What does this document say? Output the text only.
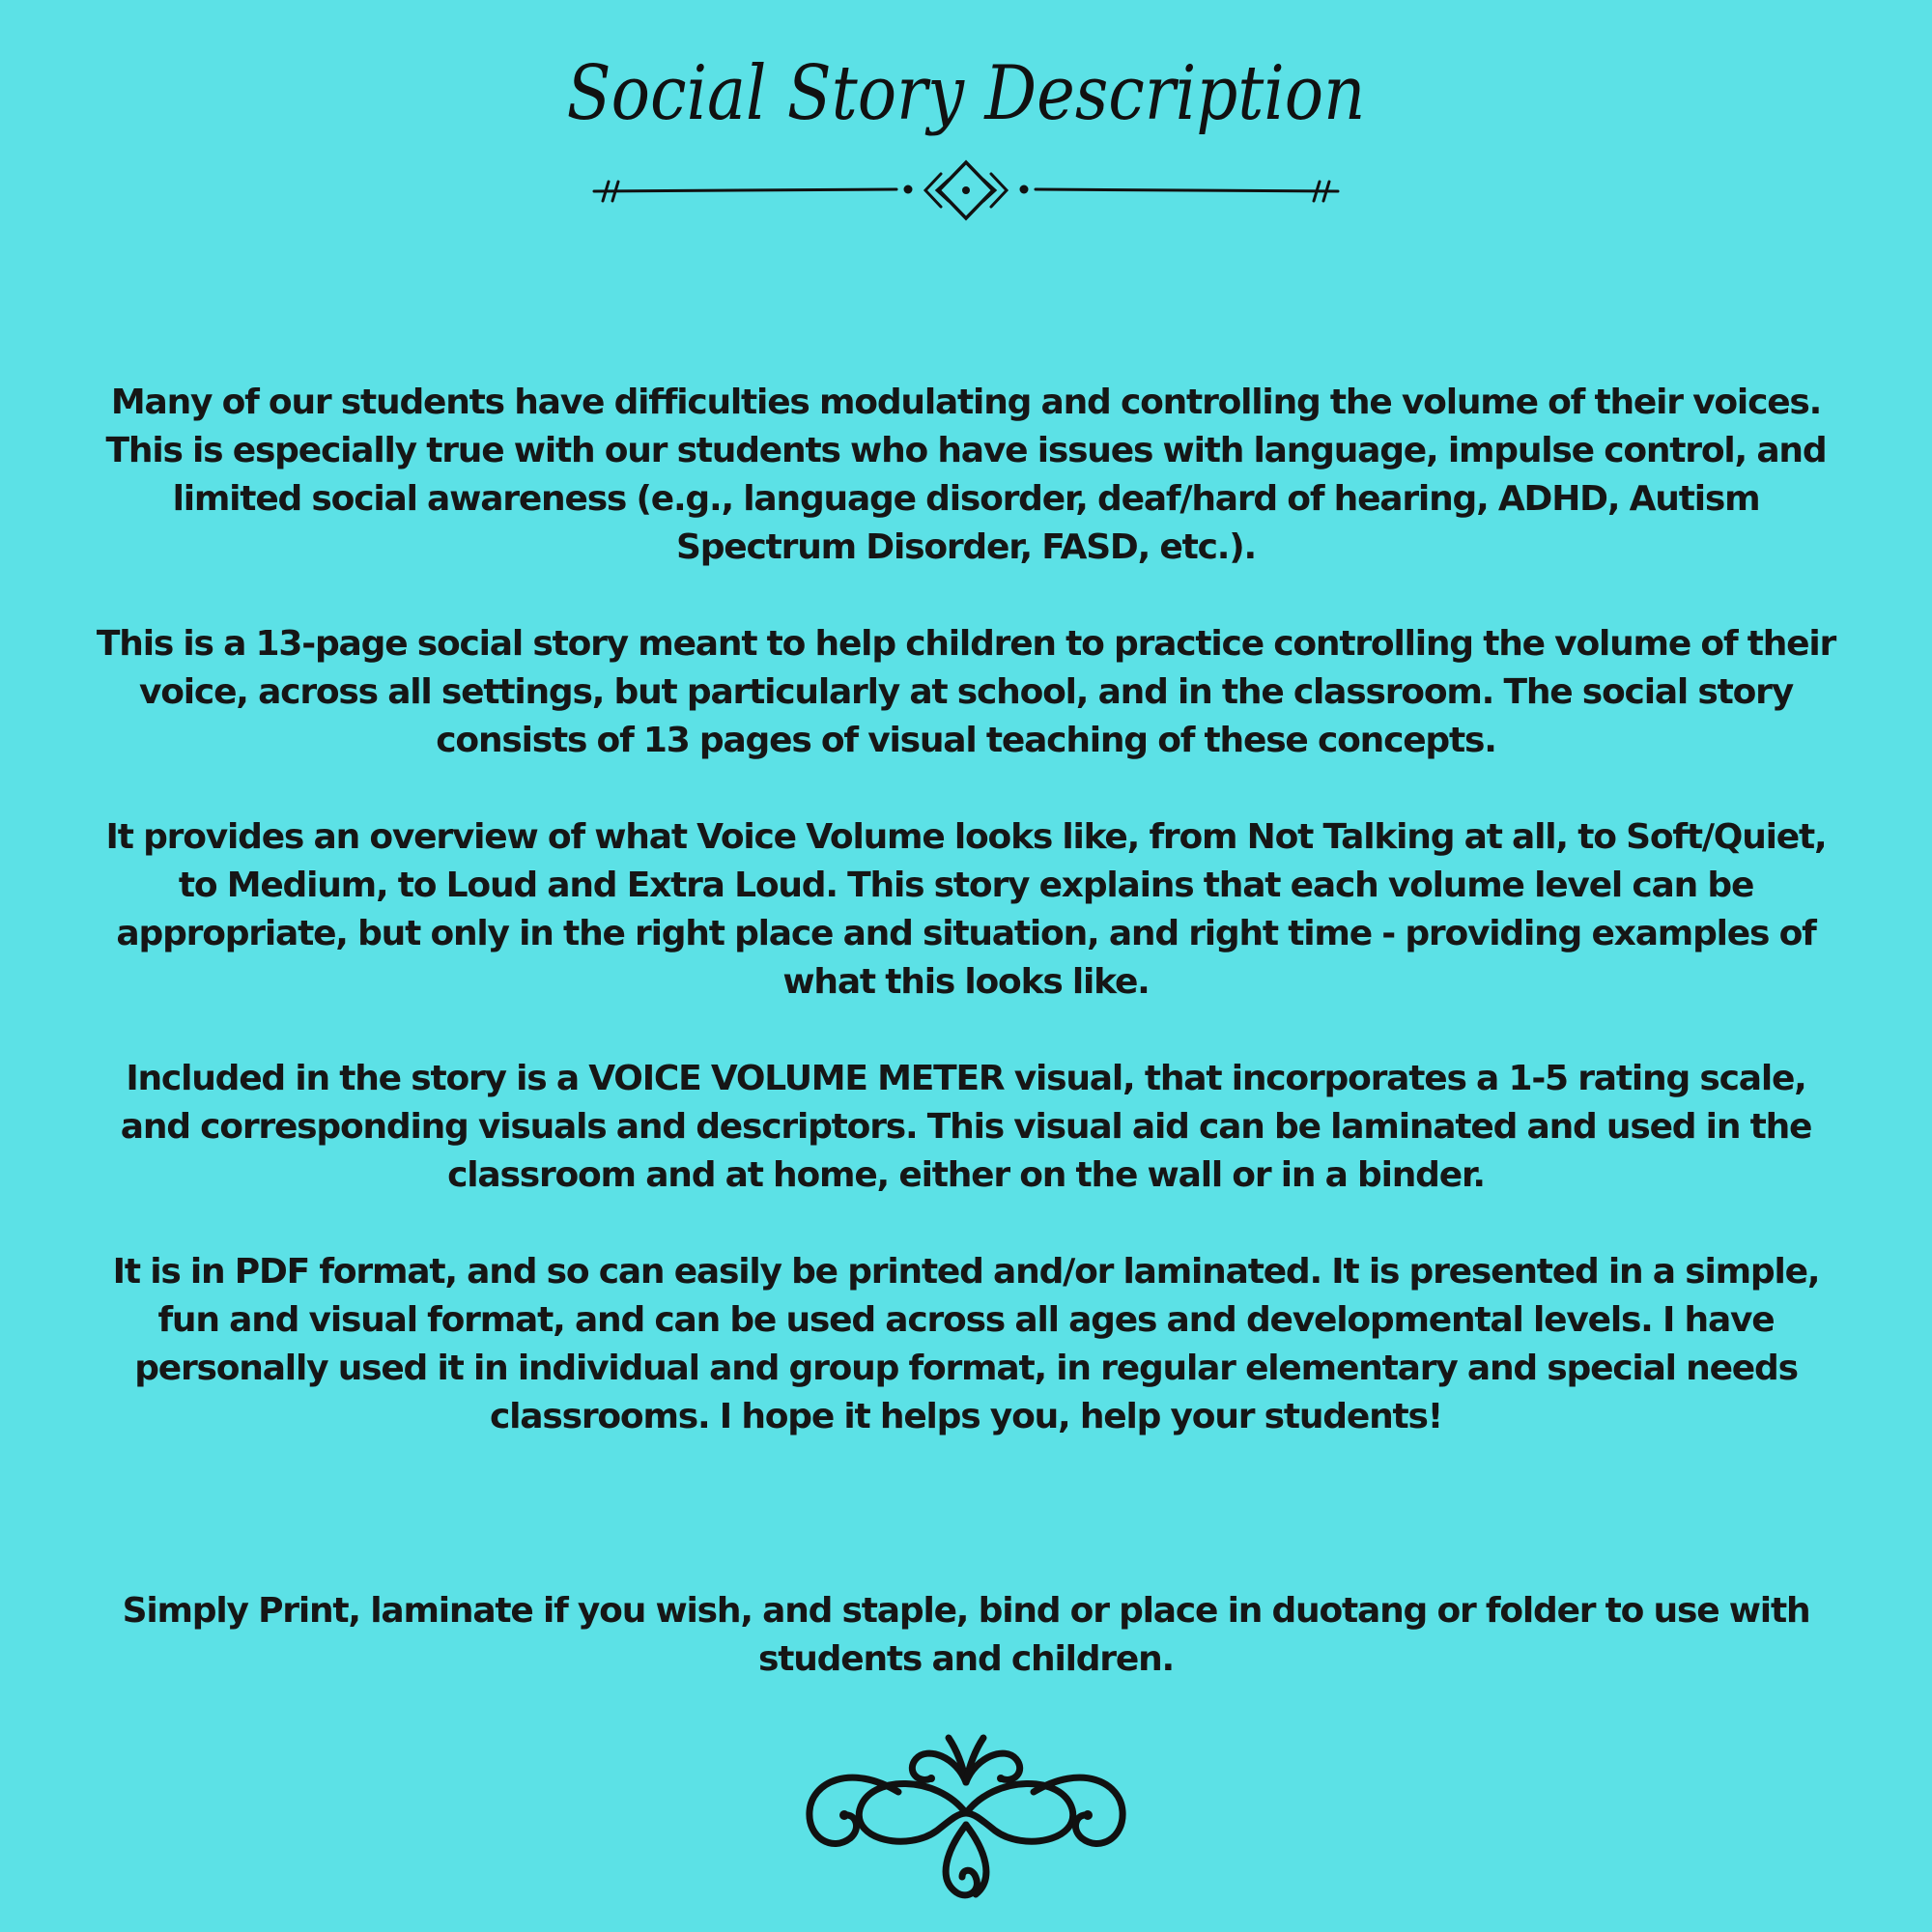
Social Story Description

Many of our students have difficulties modulating and controlling the volume of their voices. This is especially true with our students who have issues with language, impulse control, and limited social awareness (e.g., language disorder, deaf/hard of hearing, ADHD, Autism Spectrum Disorder, FASD, etc.).

This is a 13-page social story meant to help children to practice controlling the volume of their voice, across all settings, but particularly at school, and in the classroom. The social story consists of 13 pages of visual teaching of these concepts.

It provides an overview of what Voice Volume looks like, from Not Talking at all, to Soft/Quiet, to Medium, to Loud and Extra Loud. This story explains that each volume level can be appropriate, but only in the right place and situation, and right time - providing examples of what this looks like.

Included in the story is a VOICE VOLUME METER visual, that incorporates a 1-5 rating scale, and corresponding visuals and descriptors. This visual aid can be laminated and used in the classroom and at home, either on the wall or in a binder.

It is in PDF format, and so can easily be printed and/or laminated. It is presented in a simple, fun and visual format, and can be used across all ages and developmental levels. I have personally used it in individual and group format, in regular elementary and special needs classrooms. I hope it helps you, help your students!

Simply Print, laminate if you wish, and staple, bind or place in duotang or folder to use with students and children.
